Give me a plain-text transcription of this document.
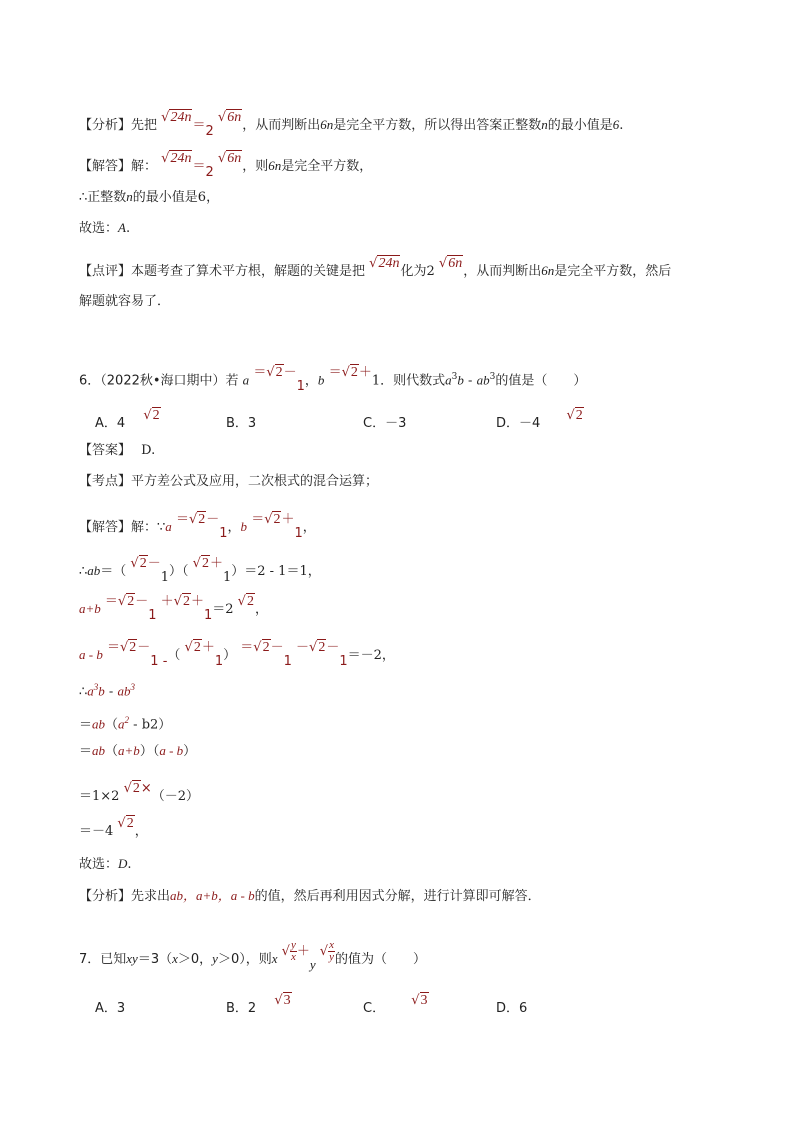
【分析】先把 √24n＝2 √6n，从而判断出6n是完全平方数，所以得出答案正整数n的最小值是6.
【解答】解： √24n＝2 √6n，则6n是完全平方数，
∴正整数n的最小值是6，
故选：A.
【点评】本题考查了算术平方根，解题的关键是把 √24n化为2 √6n，从而判断出6n是完全平方数，然后
解题就容易了．
6．（2022秋•海口期中）若 a ＝√2－1，b ＝√2＋1．则代数式$a^3b - ab^3$的值是（　　）
A．4 √2
B．3	C．－3	D．－4 √2
【答案】 D.
【考点】平方差公式及应用，二次根式的混合运算；
【解答】解：∵a ＝√2－1，b ＝√2＋1，
∴ab＝（ √2－1）（ √2＋1）＝2 - 1＝1，
a+b ＝√2－1 ＋√2＋1＝2 √2，
a - b ＝√2－1 -（ √2＋1） ＝√2－1 －√2－1＝－2，
$\therefore a^3b - ab^3$
$=ab(a^2 - b2)$
＝ab（a+b）（a - b）
＝1×2 √2×（－2）
＝－4 √2，
故选：D.
【分析】先求出ab，a+b，a - b的值，然后再利用因式分解，进行计算即可解答．
7．已知xy＝3（x＞0，y＞0），则x √ $\frac{y}{x} +y$ √ $\frac{x}{y}$ 的值为（　　）
A．3	B．2 √3
C． √3
D．6
